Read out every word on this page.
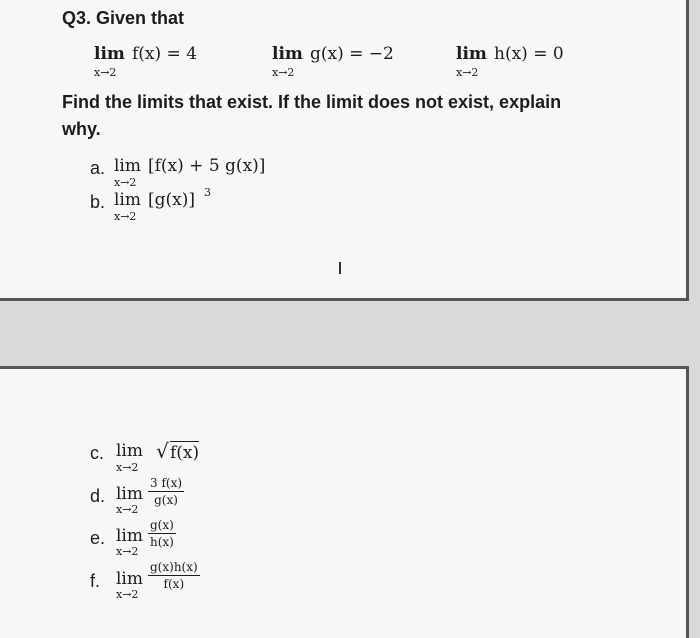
Q3. Given that
lim
x→2
f(x) = 4	lim
x→2
g(x) = −2	lim
x→2
h(x) = 0
Find the limits that exist. If the limit does not exist, explain
why.
a. lim
x→2
[f(x) + 5 g(x)]
b. lim
x→2
[g(x)] 3
c. lim
x→2
√ f(x)
d. lim
x→2
$\frac{3 f(x)}{g(x)}$
e. lim
x→2
$\frac{g(x)}{h(x)}$
f. lim
x→2
$\frac{g(x)h(x)}{f(x)}$
